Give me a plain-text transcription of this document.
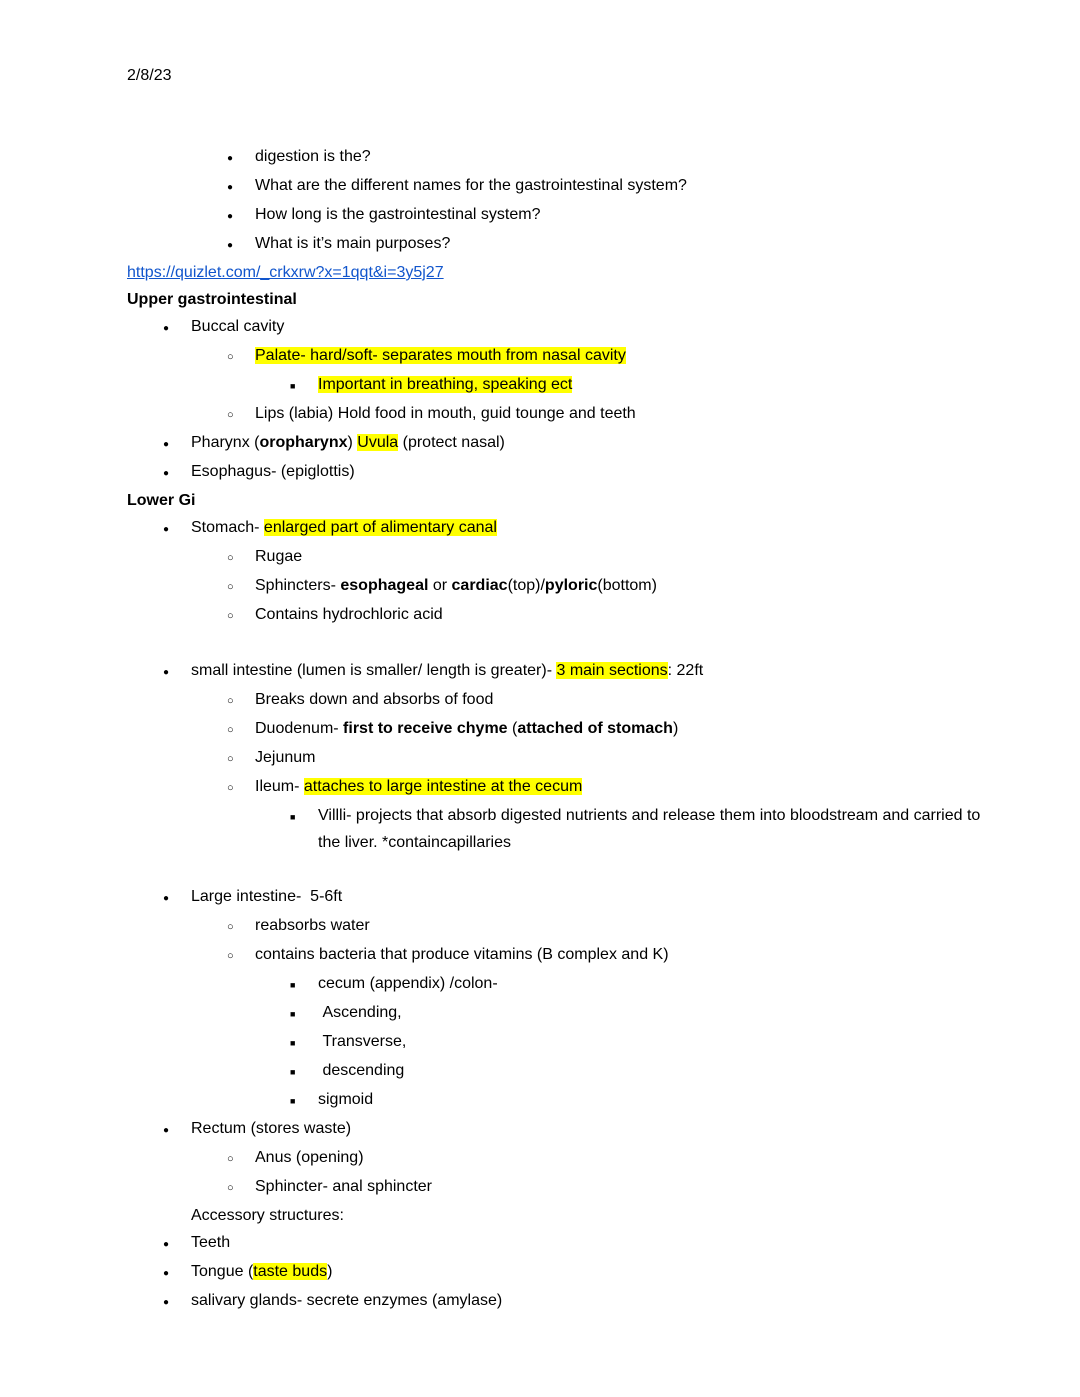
2/8/23

●	digestion is the?
●	What are the different names for the gastrointestinal system?
●	How long is the gastrointestinal system?
●	What is it’s main purposes?
https://quizlet.com/_crkxrw?x=1qqt&i=3y5j27
Upper gastrointestinal
●	Buccal cavity
○	Palate- hard/soft- separates mouth from nasal cavity
■	Important in breathing, speaking ect
○	Lips (labia) Hold food in mouth, guid tounge and teeth
●	Pharynx (oropharynx) Uvula (protect nasal)
●	Esophagus- (epiglottis)
Lower Gi
●	Stomach- enlarged part of alimentary canal
○	Rugae
○	Sphincters- esophageal or cardiac(top)/pyloric(bottom)
○	Contains hydrochloric acid

●	small intestine (lumen is smaller/ length is greater)- 3 main sections: 22ft
○	Breaks down and absorbs of food
○	Duodenum- first to receive chyme (attached of stomach)
○	Jejunum
○	Ileum- attaches to large intestine at the cecum
■	Villli- projects that absorb digested nutrients and release them into bloodstream and carried to the liver. *containcapillaries

●	Large intestine-  5-6ft
○	reabsorbs water
○	contains bacteria that produce vitamins (B complex and K)
■	cecum (appendix) /colon-
■	Ascending,
■	Transverse,
■	descending
■	sigmoid
●	Rectum (stores waste)
○	Anus (opening)
○	Sphincter- anal sphincter
Accessory structures:
●	Teeth
●	Tongue (taste buds)
●	salivary glands- secrete enzymes (amylase)
